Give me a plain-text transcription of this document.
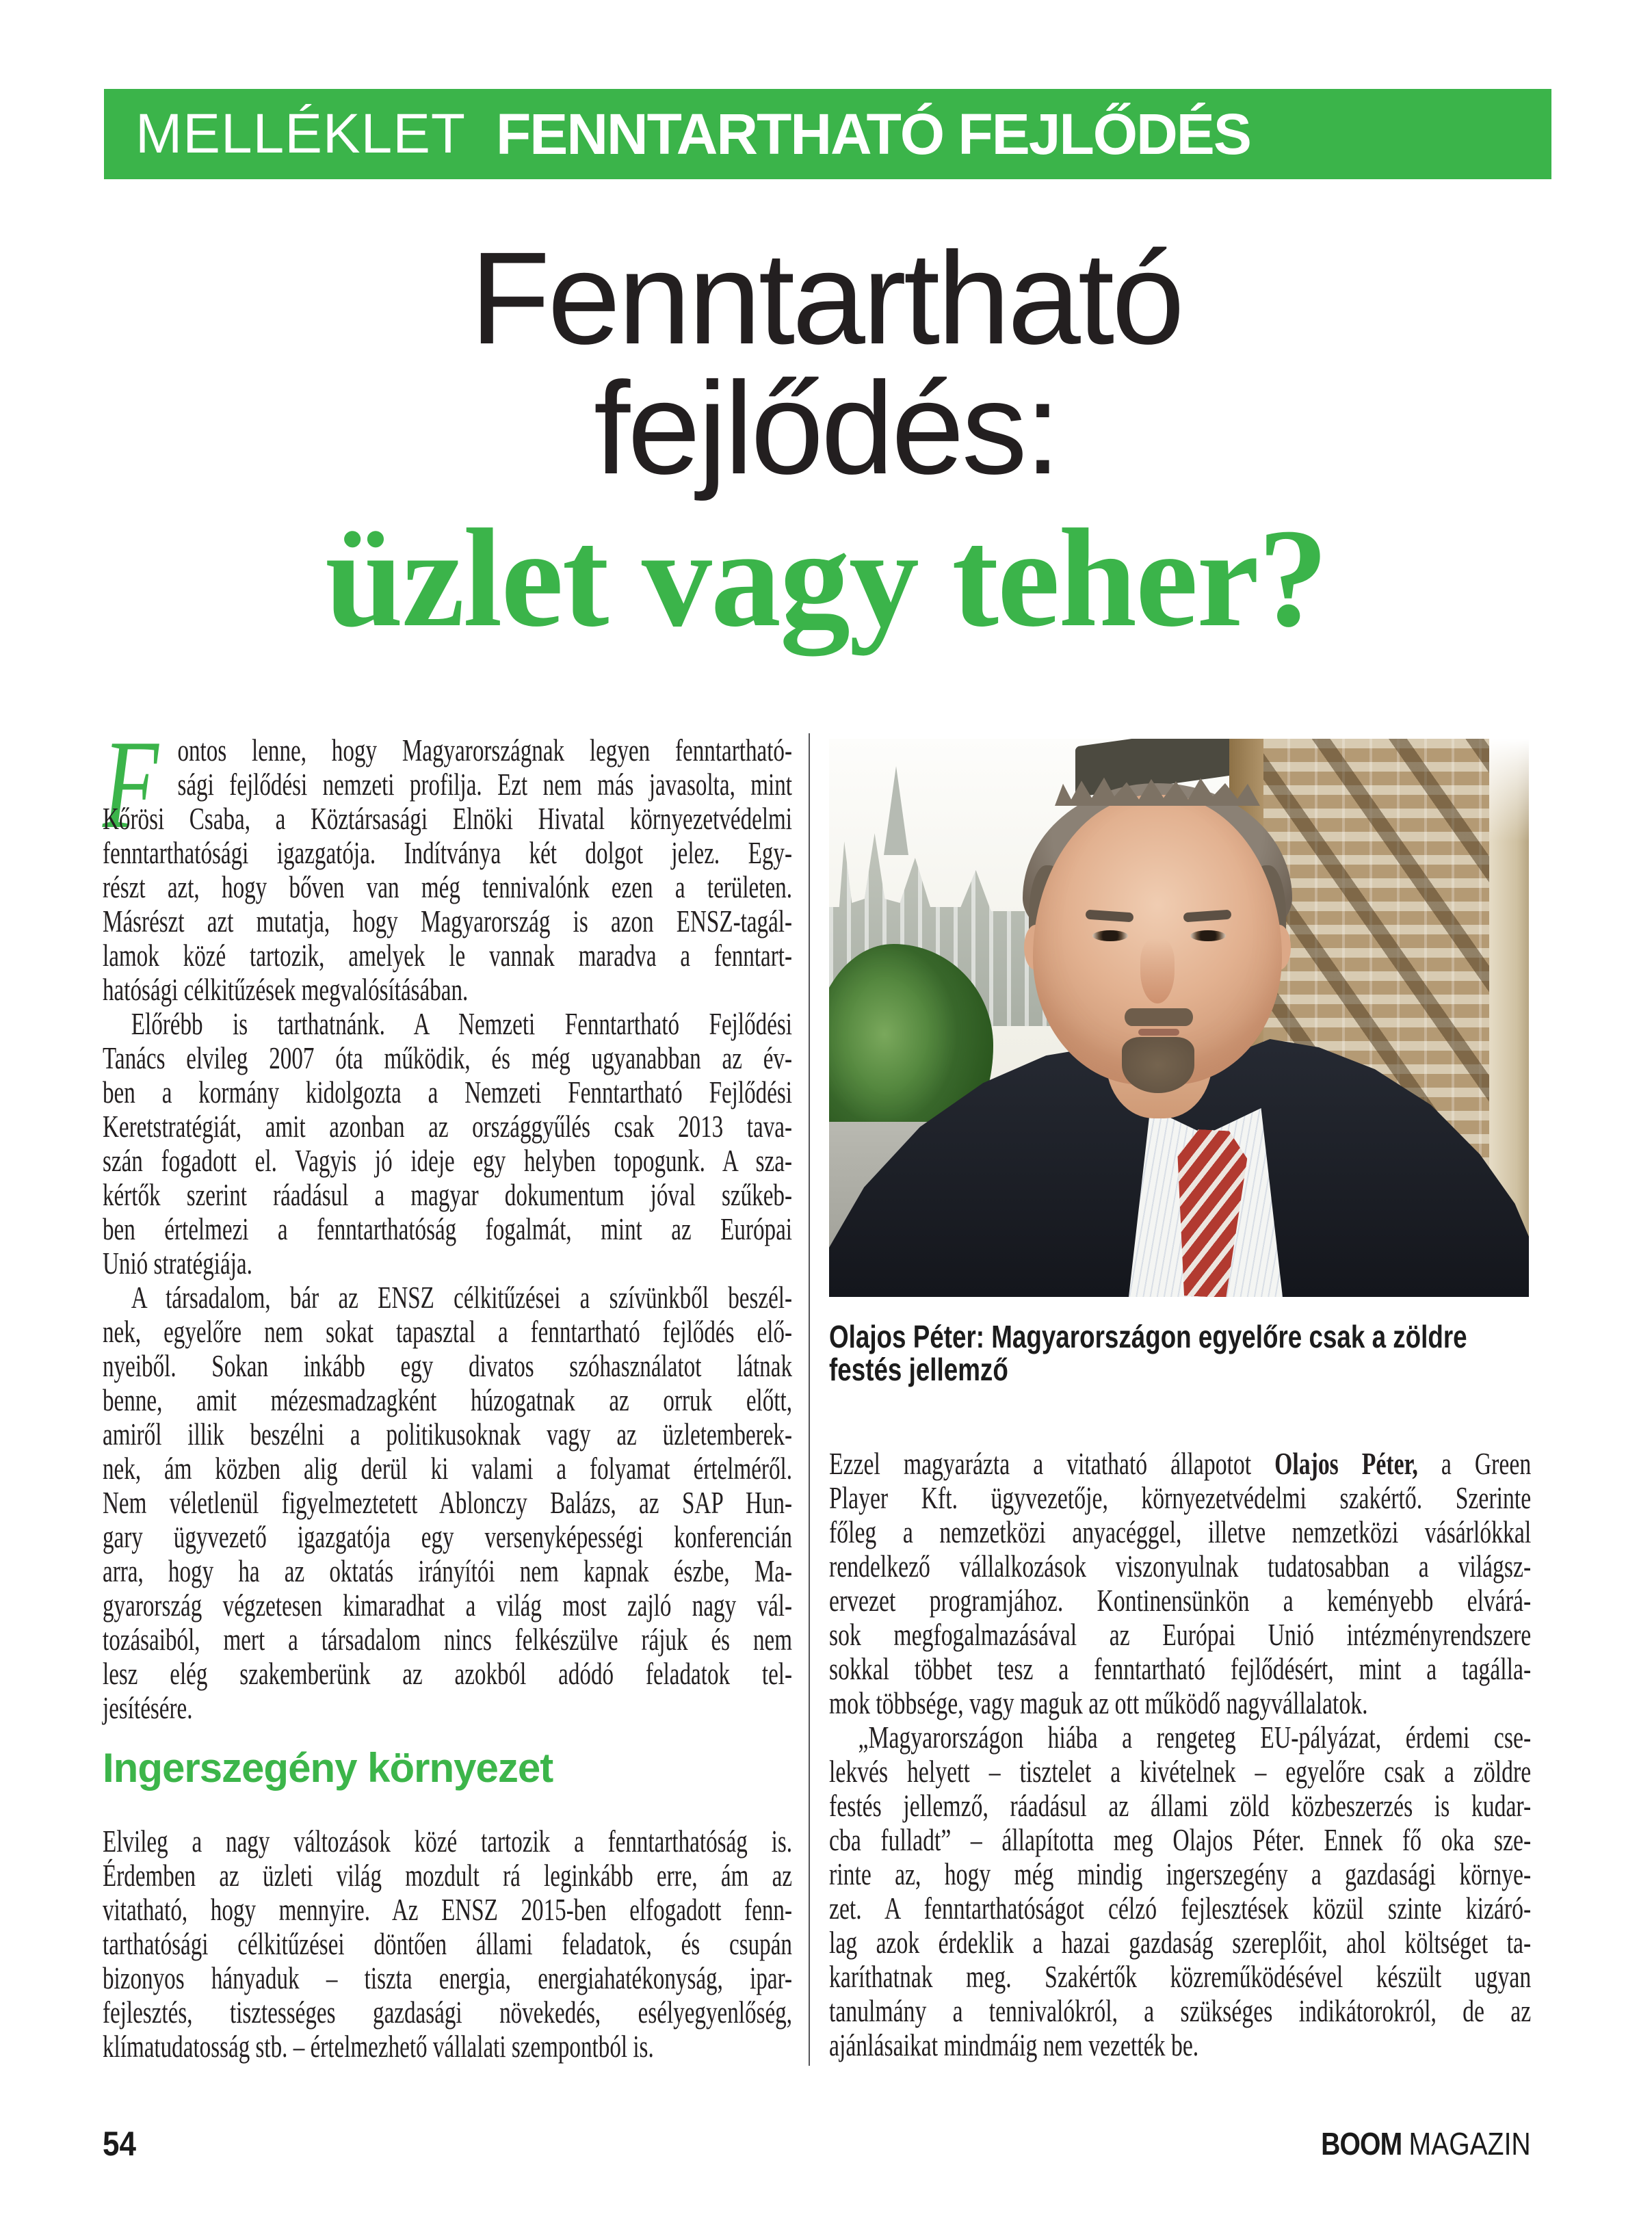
MELLÉKLET FENNTARTHATÓ FEJLŐDÉS
Fenntartható
fejlődés:
üzlet vagy teher?
F ontos lenne, hogy Magyarországnak legyen fenntartható-
sági fejlődési nemzeti profilja. Ezt nem más javasolta, mint
Kőrösi Csaba, a Köztársasági Elnöki Hivatal környezetvédelmi
fenntarthatósági igazgatója. Indítványa két dolgot jelez. Egy-
részt azt, hogy bőven van még tennivalónk ezen a területen.
Másrészt azt mutatja, hogy Magyarország is azon ENSZ-tagál-
lamok közé tartozik, amelyek le vannak maradva a fenntart-
hatósági célkitűzések megvalósításában.
Előrébb is tarthatnánk. A Nemzeti Fenntartható Fejlődési
Tanács elvileg 2007 óta működik, és még ugyanabban az év-
ben a kormány kidolgozta a Nemzeti Fenntartható Fejlődési
Keretstratégiát, amit azonban az országgyűlés csak 2013 tava-
szán fogadott el. Vagyis jó ideje egy helyben topogunk. A sza-
kértők szerint ráadásul a magyar dokumentum jóval szűkeb-
ben értelmezi a fenntarthatóság fogalmát, mint az Európai
Unió stratégiája.
A társadalom, bár az ENSZ célkitűzései a szívünkből beszél-
nek, egyelőre nem sokat tapasztal a fenntartható fejlődés elő-
nyeiből. Sokan inkább egy divatos szóhasználatot látnak
benne, amit mézesmadzagként húzogatnak az orruk előtt,
amiről illik beszélni a politikusoknak vagy az üzletemberek-
nek, ám közben alig derül ki valami a folyamat értelméről.
Nem véletlenül figyelmeztetett Ablonczy Balázs, az SAP Hun-
gary ügyvezető igazgatója egy versenyképességi konferencián
arra, hogy ha az oktatás irányítói nem kapnak észbe, Ma-
gyarország végzetesen kimaradhat a világ most zajló nagy vál-
tozásaiból, mert a társadalom nincs felkészülve rájuk és nem
lesz elég szakemberünk az azokból adódó feladatok tel-
jesítésére.
Ingerszegény környezet
Elvileg a nagy változások közé tartozik a fenntarthatóság is.
Érdemben az üzleti világ mozdult rá leginkább erre, ám az
vitatható, hogy mennyire. Az ENSZ 2015-ben elfogadott fenn-
tarthatósági célkitűzései döntően állami feladatok, és csupán
bizonyos hányaduk – tiszta energia, energiahatékonyság, ipar-
fejlesztés, tisztességes gazdasági növekedés, esélyegyenlőség,
klímatudatosság stb. – értelmezhető vállalati szempontból is.
Olajos Péter: Magyarországon egyelőre csak a zöldre
festés jellemző
Ezzel magyarázta a vitatható állapotot Olajos Péter, a Green
Player Kft. ügyvezetője, környezetvédelmi szakértő. Szerinte
főleg a nemzetközi anyacéggel, illetve nemzetközi vásárlókkal
rendelkező vállalkozások viszonyulnak tudatosabban a világsz-
ervezet programjához. Kontinensünkön a keményebb elvárá-
sok megfogalmazásával az Európai Unió intézményrendszere
sokkal többet tesz a fenntartható fejlődésért, mint a tagálla-
mok többsége, vagy maguk az ott működő nagyvállalatok.
„Magyarországon hiába a rengeteg EU-pályázat, érdemi cse-
lekvés helyett – tisztelet a kivételnek – egyelőre csak a zöldre
festés jellemző, ráadásul az állami zöld közbeszerzés is kudar-
cba fulladt” – állapította meg Olajos Péter. Ennek fő oka sze-
rinte az, hogy még mindig ingerszegény a gazdasági környe-
zet. A fenntarthatóságot célzó fejlesztések közül szinte kizáró-
lag azok érdeklik a hazai gazdaság szereplőit, ahol költséget ta-
karíthatnak meg. Szakértők közreműködésével készült ugyan
tanulmány a tennivalókról, a szükséges indikátorokról, de az
ajánlásaikat mindmáig nem vezették be.
54	BOOM MAGAZIN
